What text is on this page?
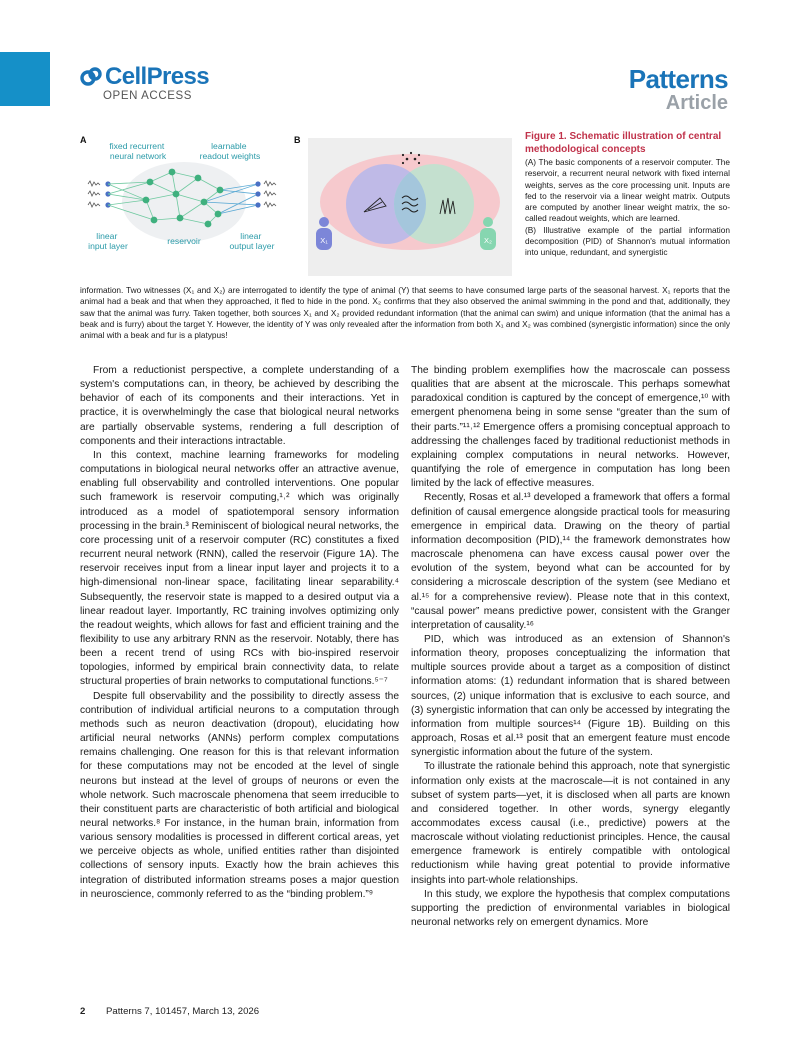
CellPress
OPEN ACCESS
Patterns
Article
A
fixed recurrent neural network
learnable readout weights
linear input layer	reservoir	linear output layer
B
X₁	X₂
Figure 1. Schematic illustration of central methodological concepts
(A) The basic components of a reservoir computer. The reservoir, a recurrent neural network with fixed internal weights, serves as the core processing unit. Inputs are fed to the reservoir via a linear weight matrix. Outputs are computed by another linear weight matrix, the so-called readout weights, which are learned.
(B) Illustrative example of the partial information decomposition (PID) of Shannon's mutual information into unique, redundant, and synergistic
information. Two witnesses (X₁ and X₂) are interrogated to identify the type of animal (Y) that seems to have consumed large parts of the seasonal harvest. X₁ reports that the animal had a beak and that when they approached, it fled to hide in the pond. X₂ confirms that they also observed the animal swimming in the pond and that, additionally, they saw that the animal was furry. Taken together, both sources X₁ and X₂ provided redundant information (that the animal can swim) and unique information (that the animal has a beak and is furry) about the target Y. However, the identity of Y was only revealed after the information from both X₁ and X₂ was combined (synergistic information) since the only animal with a beak and fur is a platypus!

From a reductionist perspective, a complete understanding of a system's computations can, in theory, be achieved by describing the behavior of each of its components and their interactions. Yet in practice, it is overwhelmingly the case that biological neural networks are partially observable systems, rendering a full description of components and their interactions intractable.

In this context, machine learning frameworks for modeling computations in biological neural networks offer an attractive avenue, enabling full observability and controlled interventions. One popular such framework is reservoir computing,¹˒² which was originally introduced as a model of spatiotemporal sensory information processing in the brain.³ Reminiscent of biological neural networks, the core processing unit of a reservoir computer (RC) constitutes a fixed recurrent neural network (RNN), called the reservoir (Figure 1A). The reservoir receives input from a linear input layer and projects it to a high-dimensional non-linear space, facilitating linear separability.⁴ Subsequently, the reservoir state is mapped to a desired output via a linear readout layer. Importantly, RC training involves optimizing only the readout weights, which allows for fast and efficient training and the flexibility to use any arbitrary RNN as the reservoir. Notably, there has been a recent trend of using RCs with bio-inspired reservoir topologies, informed by empirical brain connectivity data, to relate structural properties of brain networks to computational functions.⁵⁻⁷

Despite full observability and the possibility to directly assess the contribution of individual artificial neurons to a computation through methods such as neuron deactivation (dropout), elucidating how artificial neural networks (ANNs) perform complex computations remains challenging. One reason for this is that relevant information for these computations may not be encoded at the level of single neurons but instead at the level of groups of neurons or even the whole network. Such macroscale phenomena that seem irreducible to their constituent parts are characteristic of both artificial and biological neural networks.⁸ For instance, in the human brain, information from various sensory modalities is processed in different cortical areas, yet we perceive objects as whole, unified entities rather than disjointed collections of sensory inputs. Exactly how the brain achieves this integration of distributed information streams poses a major question in neuroscience, commonly referred to as the “binding problem.”⁹

The binding problem exemplifies how the macroscale can possess qualities that are absent at the microscale. This perhaps somewhat paradoxical condition is captured by the concept of emergence,¹⁰ with emergent phenomena being in some sense “greater than the sum of their parts.”¹¹˒¹² Emergence offers a promising conceptual approach to addressing the challenges faced by traditional reductionist methods in explaining complex computations in neural networks. However, quantifying the role of emergence in computation has long been limited by the lack of effective measures.

Recently, Rosas et al.¹³ developed a framework that offers a formal definition of causal emergence alongside practical tools for measuring emergence in empirical data. Drawing on the theory of partial information decomposition (PID),¹⁴ the framework demonstrates how macroscale phenomena can have excess causal power over the evolution of the system, beyond what can be accounted for by considering a microscale description of the system (see Mediano et al.¹⁵ for a comprehensive review). Please note that in this context, “causal power” means predictive power, consistent with the Granger interpretation of causality.¹⁶

PID, which was introduced as an extension of Shannon's information theory, proposes conceptualizing the information that multiple sources provide about a target as a composition of distinct information atoms: (1) redundant information that is shared between sources, (2) unique information that is exclusive to each source, and (3) synergistic information that can only be accessed by integrating the information from multiple sources¹⁴ (Figure 1B). Building on this approach, Rosas et al.¹³ posit that an emergent feature must encode synergistic information about the future of the system.

To illustrate the rationale behind this approach, note that synergistic information only exists at the macroscale—it is not contained in any subset of system parts—yet, it is disclosed when all parts are known and considered together. In other words, synergy elegantly accommodates excess causal (i.e., predictive) powers at the macroscale without violating reductionist principles. Hence, the causal emergence framework is entirely compatible with ontological reductionism while having great potential to provide informative insights into part-whole relationships.

In this study, we explore the hypothesis that complex computations supporting the prediction of environmental variables in biological neuronal networks rely on emergent dynamics. More

2 Patterns 7, 101457, March 13, 2026
